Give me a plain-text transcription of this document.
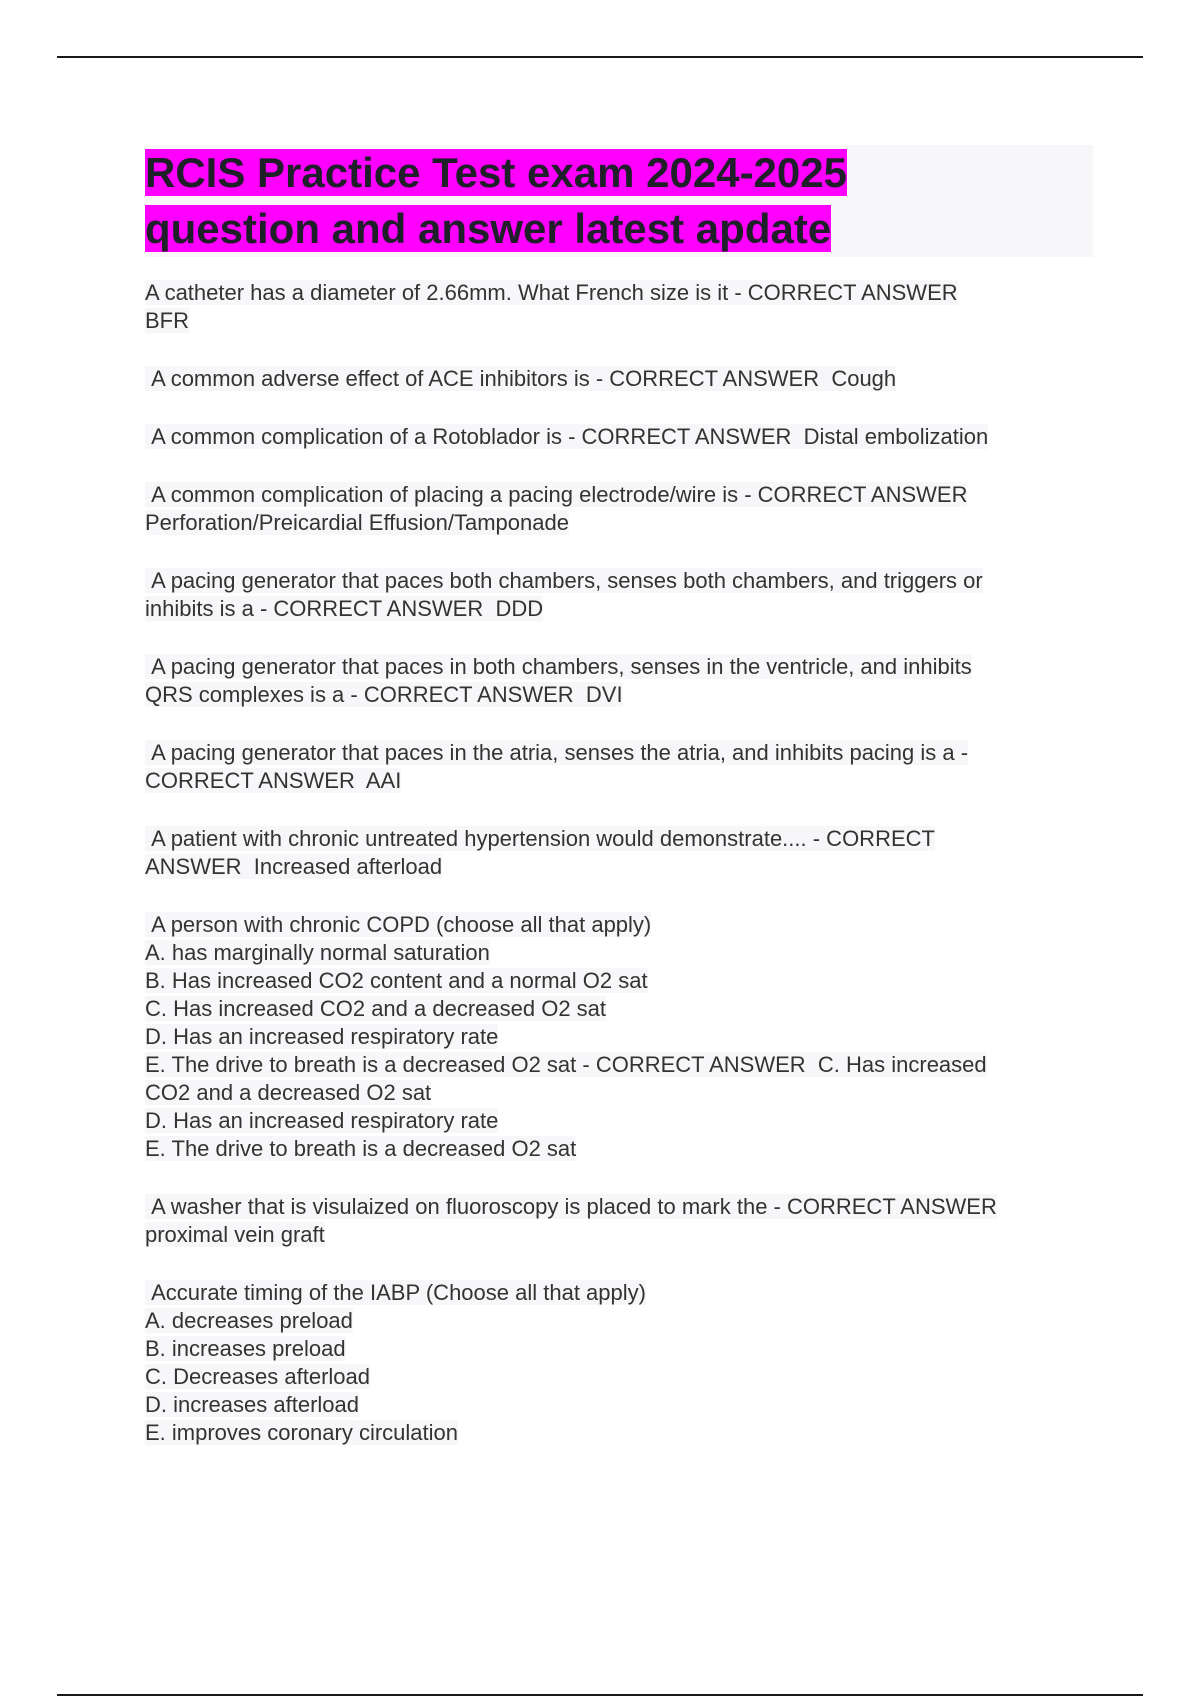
RCIS Practice Test exam 2024-2025
question and answer latest apdate
A catheter has a diameter of 2.66mm. What French size is it - CORRECT ANSWER
BFR
A common adverse effect of ACE inhibitors is - CORRECT ANSWER  Cough
A common complication of a Rotoblador is - CORRECT ANSWER  Distal embolization
A common complication of placing a pacing electrode/wire is - CORRECT ANSWER
Perforation/Preicardial Effusion/Tamponade
A pacing generator that paces both chambers, senses both chambers, and triggers or
inhibits is a - CORRECT ANSWER  DDD
A pacing generator that paces in both chambers, senses in the ventricle, and inhibits
QRS complexes is a - CORRECT ANSWER  DVI
A pacing generator that paces in the atria, senses the atria, and inhibits pacing is a -
CORRECT ANSWER  AAI
A patient with chronic untreated hypertension would demonstrate.... - CORRECT
ANSWER  Increased afterload
A person with chronic COPD (choose all that apply)
A. has marginally normal saturation
B. Has increased CO2 content and a normal O2 sat
C. Has increased CO2 and a decreased O2 sat
D. Has an increased respiratory rate
E. The drive to breath is a decreased O2 sat - CORRECT ANSWER  C. Has increased
CO2 and a decreased O2 sat
D. Has an increased respiratory rate
E. The drive to breath is a decreased O2 sat
A washer that is visulaized on fluoroscopy is placed to mark the - CORRECT ANSWER
proximal vein graft
Accurate timing of the IABP (Choose all that apply)
A. decreases preload
B. increases preload
C. Decreases afterload
D. increases afterload
E. improves coronary circulation
